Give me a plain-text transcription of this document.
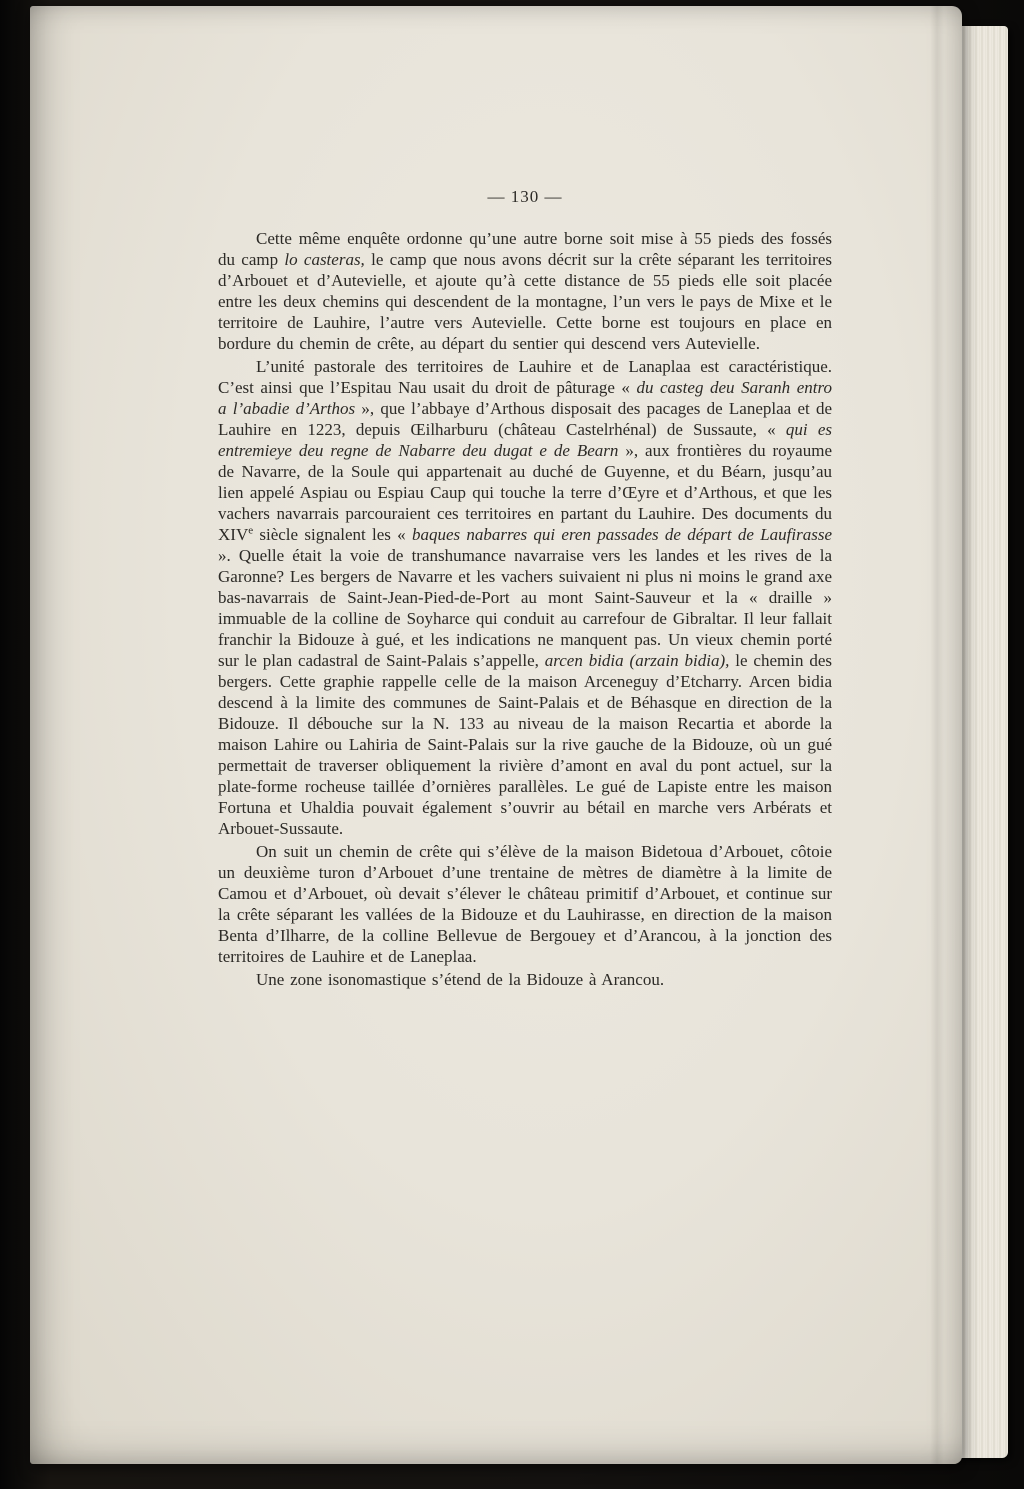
— 130 —

Cette même enquête ordonne qu’une autre borne soit mise à 55 pieds des fossés du camp lo casteras, le camp que nous avons décrit sur la crête séparant les territoires d’Arbouet et d’Autevielle, et ajoute qu’à cette distance de 55 pieds elle soit placée entre les deux chemins qui descendent de la montagne, l’un vers le pays de Mixe et le territoire de Lauhire, l’autre vers Autevielle. Cette borne est toujours en place en bordure du chemin de crête, au départ du sentier qui descend vers Autevielle.

L’unité pastorale des territoires de Lauhire et de Lanaplaa est caractéristique. C’est ainsi que l’Espitau Nau usait du droit de pâturage « du casteg deu Saranh entro a l’abadie d’Arthos », que l’abbaye d’Arthous disposait des pacages de Laneplaa et de Lauhire en 1223, depuis Œilharburu (château Castelrhénal) de Sussaute, « qui es entremieye deu regne de Nabarre deu dugat e de Bearn », aux frontières du royaume de Navarre, de la Soule qui appartenait au duché de Guyenne, et du Béarn, jusqu’au lien appelé Aspiau ou Espiau Caup qui touche la terre d’Œyre et d’Arthous, et que les vachers navarrais parcouraient ces territoires en partant du Lauhire. Des documents du XIVe siècle signalent les « baques nabarres qui eren passades de départ de Laufirasse ». Quelle était la voie de transhumance navarraise vers les landes et les rives de la Garonne? Les bergers de Navarre et les vachers suivaient ni plus ni moins le grand axe bas-navarrais de Saint-Jean-Pied-de-Port au mont Saint-Sauveur et la « draille » immuable de la colline de Soyharce qui conduit au carrefour de Gibraltar. Il leur fallait franchir la Bidouze à gué, et les indications ne manquent pas. Un vieux chemin porté sur le plan cadastral de Saint-Palais s’appelle, arcen bidia (arzain bidia), le chemin des bergers. Cette graphie rappelle celle de la maison Arceneguy d’Etcharry. Arcen bidia descend à la limite des communes de Saint-Palais et de Béhasque en direction de la Bidouze. Il débouche sur la N. 133 au niveau de la maison Recartia et aborde la maison Lahire ou Lahiria de Saint-Palais sur la rive gauche de la Bidouze, où un gué permettait de traverser obliquement la rivière d’amont en aval du pont actuel, sur la plate-forme rocheuse taillée d’ornières parallèles. Le gué de Lapiste entre les maison Fortuna et Uhaldia pouvait également s’ouvrir au bétail en marche vers Arbérats et Arbouet-Sussaute.

On suit un chemin de crête qui s’élève de la maison Bidetoua d’Arbouet, côtoie un deuxième turon d’Arbouet d’une trentaine de mètres de diamètre à la limite de Camou et d’Arbouet, où devait s’élever le château primitif d’Arbouet, et continue sur la crête séparant les vallées de la Bidouze et du Lauhirasse, en direction de la maison Benta d’Ilharre, de la colline Bellevue de Bergouey et d’Arancou, à la jonction des territoires de Lauhire et de Laneplaa.

Une zone isonomastique s’étend de la Bidouze à Arancou.
